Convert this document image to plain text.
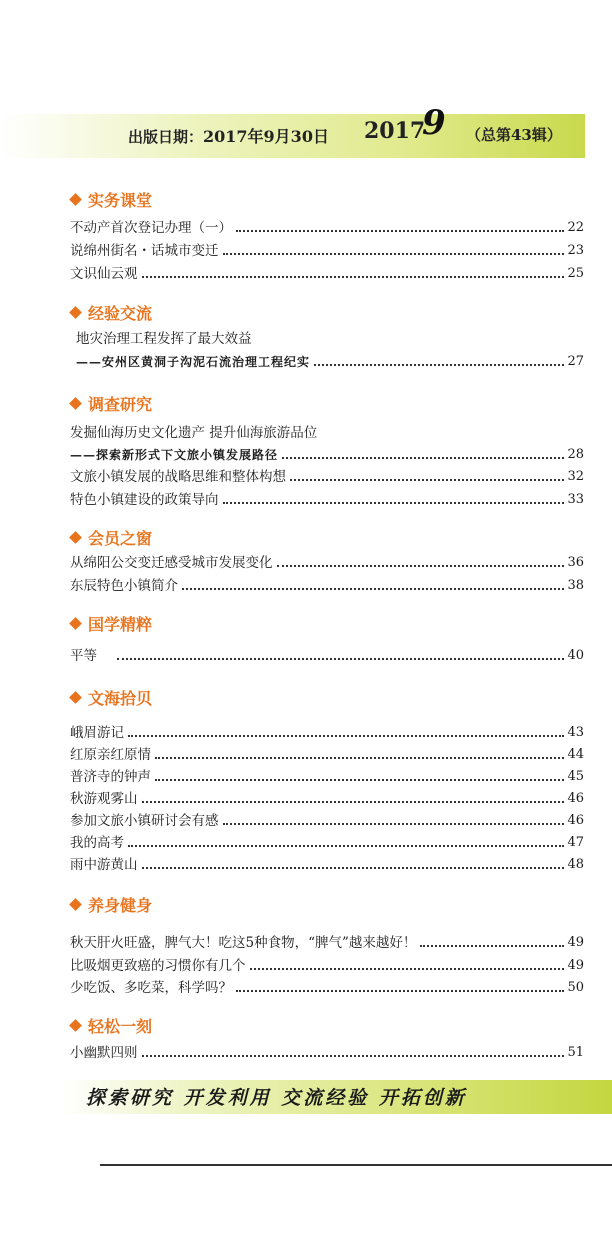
出版日期：2017年9月30日 2017
9 （总第43辑）
实务课堂
不动产首次登记办理（一）	22
说绵州街名・话城市变迁	23
文识仙云观	25
经验交流
地灾治理工程发挥了最大效益
——安州区黄洞子沟泥石流治理工程纪实	27
调查研究
发掘仙海历史文化遗产 提升仙海旅游品位
——探索新形式下文旅小镇发展路径	28
文旅小镇发展的战略思维和整体构想	32
特色小镇建设的政策导向	33
会员之窗
从绵阳公交变迁感受城市发展变化	36
东辰特色小镇简介	38
国学精粹
平等	40
文海拾贝
峨眉游记	43
红原亲红原情	44
普济寺的钟声	45
秋游观雾山	46
参加文旅小镇研讨会有感	46
我的高考	47
雨中游黄山	48
养身健身
秋天肝火旺盛，脾气大！吃这5种食物，“脾气”越来越好！	49
比吸烟更致癌的习惯你有几个	49
少吃饭、多吃菜，科学吗？	50
轻松一刻
小幽默四则	51
探索研究 开发利用 交流经验 开拓创新
